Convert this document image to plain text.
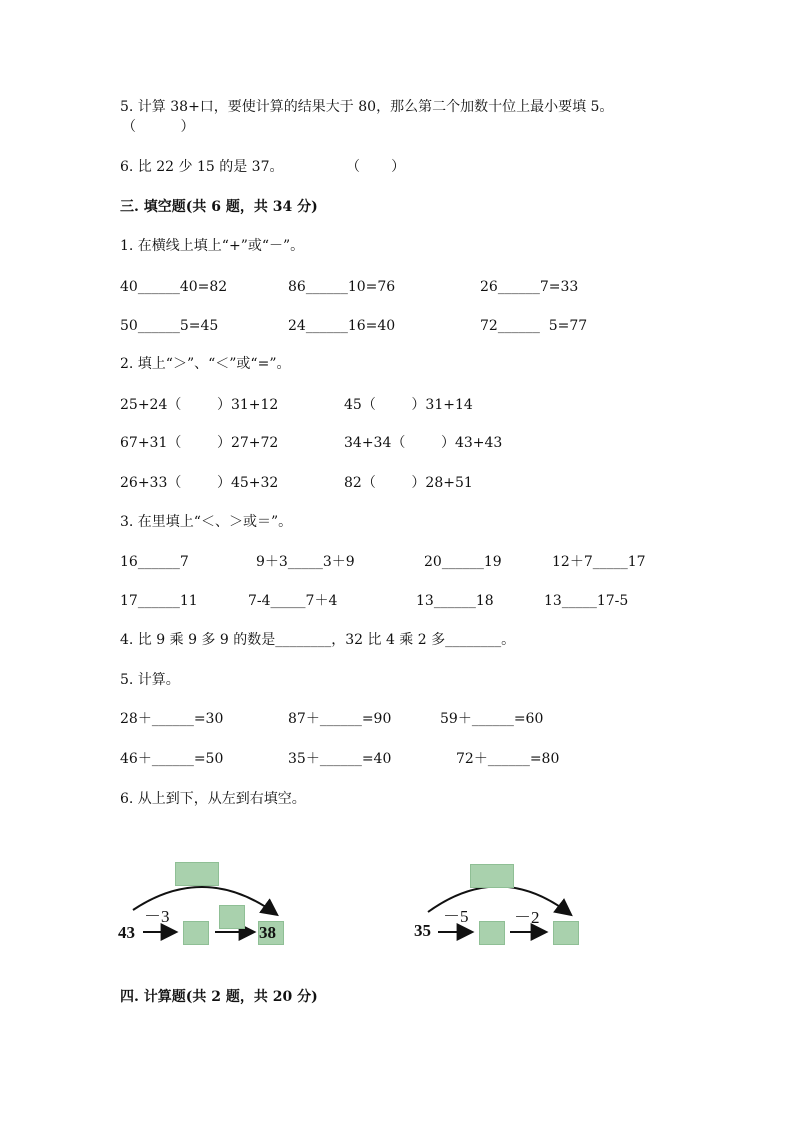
5. 计算 38+口，要使计算的结果大于 80，那么第二个加数十位上最小要填 5。
（          ）
6. 比 22 少 15 的是 37。	（       ）
三. 填空题(共 6 题，共 34 分)
1. 在横线上填上“+”或“－”。
40______40=82	86______10=76	26______7=33
50______5=45	24______16=40	72______  5=77
2. 填上“＞”、“＜”或“=”。
25+24（        ）31+12	45（        ）31+14
67+31（        ）27+72	34+34（        ）43+43
26+33（        ）45+32	82（        ）28+51
3. 在里填上“＜、＞或＝”。
16______7	9＋3_____3＋9	20______19	12＋7_____17
17______11	7-4_____7＋4	13______18	13_____17-5
4. 比 9 乘 9 多 9 的数是________，32 比 4 乘 2 多________。
5. 计算。
28＋______=30	87＋______=90	59＋______=60
46＋______=50	35＋______=40	72＋______=80
6. 从上到下，从左到右填空。
43
－3
38	35
－5	－2
四. 计算题(共 2 题，共 20 分)
